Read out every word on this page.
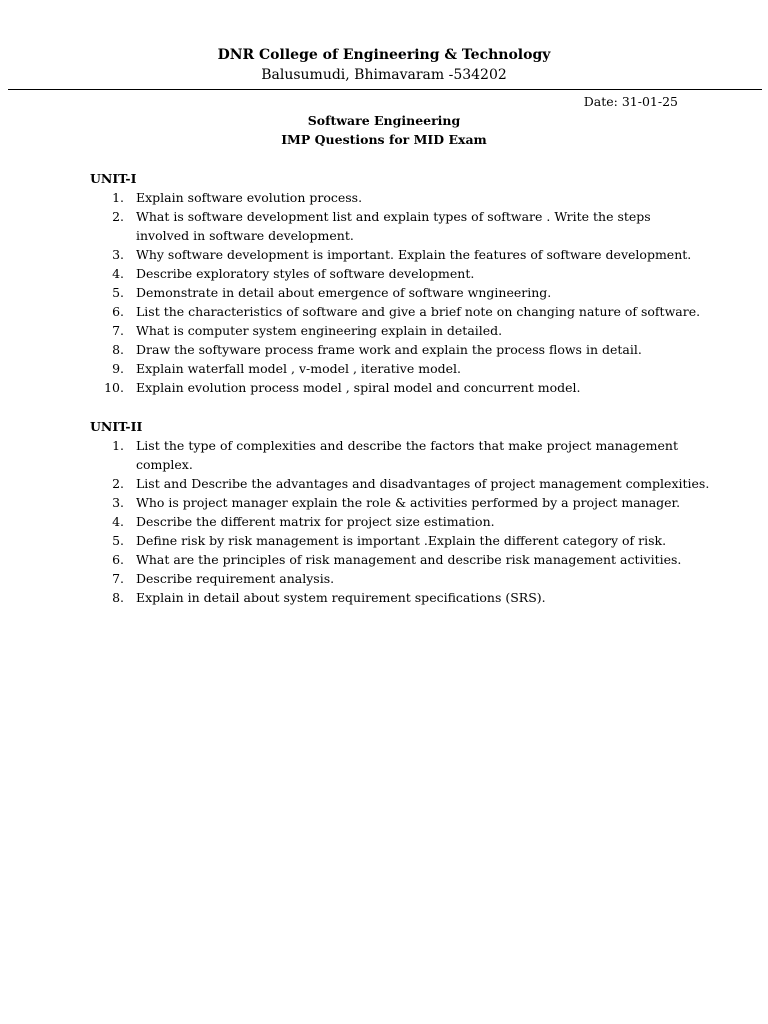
DNR College of Engineering & Technology
Balusumudi, Bhimavaram -534202
Date: 31-01-25
Software Engineering
IMP Questions for MID Exam
UNIT-I
1. Explain software evolution process.
2. What is software development list and explain types of software . Write the steps involved in software development.
3. Why software development is important. Explain the features of software development.
4. Describe exploratory styles of software development.
5. Demonstrate in detail about emergence of software wngineering.
6. List the characteristics of software and give a brief note on changing nature of software.
7. What is computer system engineering explain in detailed.
8. Draw the softyware process frame work and explain the process flows in detail.
9. Explain waterfall model , v-model , iterative model.
10. Explain evolution process model , spiral model and concurrent model.
UNIT-II
1. List the type of complexities and describe the factors that make project management complex.
2. List and Describe the advantages and disadvantages of project management complexities.
3. Who is project manager explain the role & activities performed by a project manager.
4. Describe the different matrix for project size estimation.
5. Define risk by risk management is important .Explain the different category of risk.
6. What are the principles of risk management and describe risk management activities.
7. Describe requirement analysis.
8. Explain in detail about system requirement specifications (SRS).
